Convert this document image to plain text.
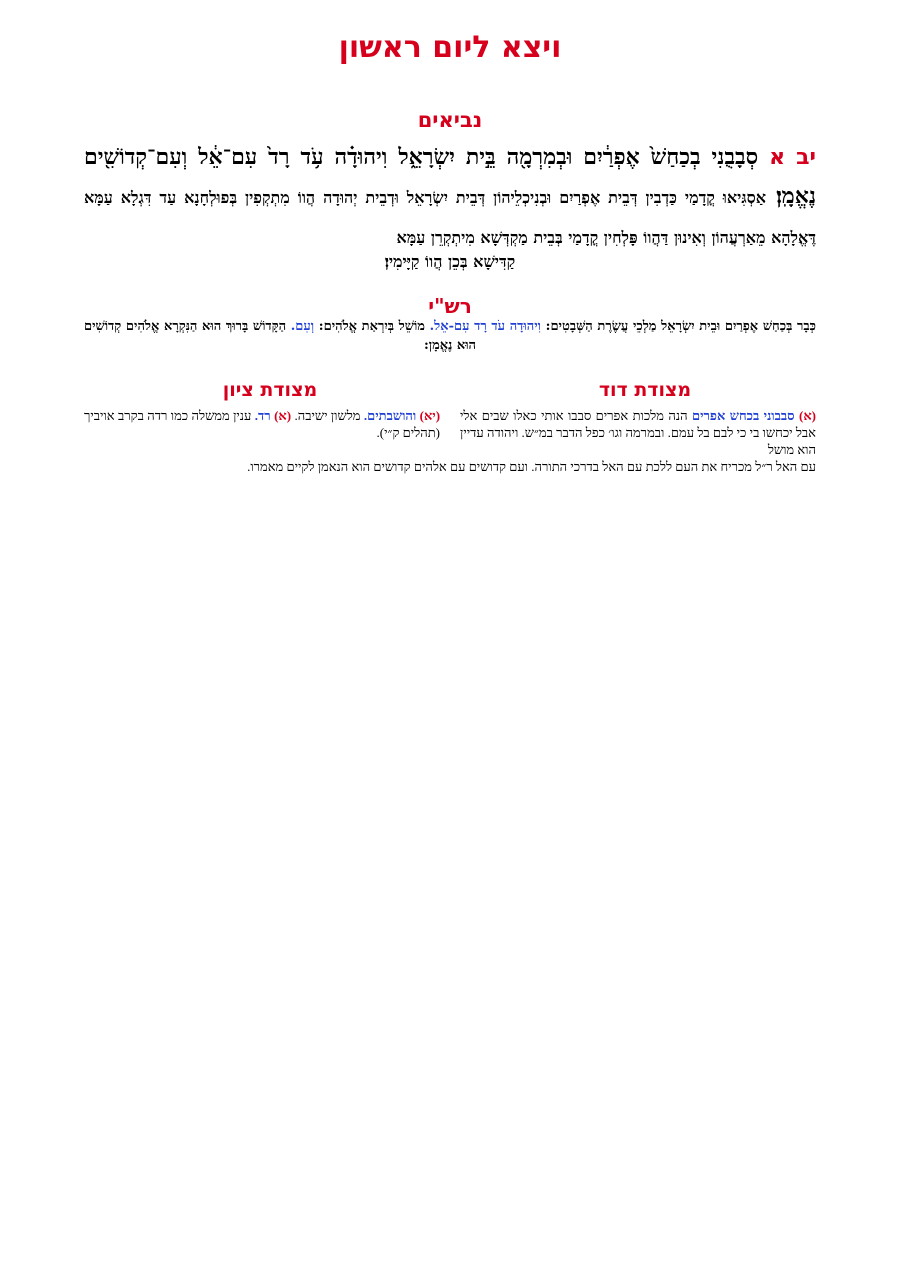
ויצא ליום ראשון
נביאים
יב א סְבָבֻנִי בְכַחַשׁ֙ אֶפְרַ֔יִם וּבְמִרְמָ֖ה בֵּ֣ית יִשְׂרָאֵ֑ל וִיהוּדָ֗ה עֹ֥ד רָד֙ עִם־אֵ֔ל וְעִם־קְדוֹשִׁ֖ים נֶאֱמָֽן׃ אַסְגִּיאוּ קֳדָמַי כַּדְבִין דְּבֵית אֶפְרַיִם וּבְנִיכְלֵיהוֹן דְּבֵית יִשְׂרָאֵל וּדְבֵית יְהוּדָה הֲווֹ מִתְקְפִין בְּפוּלְחָנָא עַד דִּגְלָא עַמָּא דֶּאֱלָהָא מֵאַרְעֲהוֹן וְאִינוּן דַּהֲווֹ פָּלְחִין קֳדָמַי בְּבֵית מַקְדְּשָׁא מִיתְקְרֵן עַמָּא
קַדִּישָׁא בְּכֵן הֲווֹ קַיָּימִין׃
רש"י
כְּבָר בְּכַחַשׁ אֶפְרַיִם וּבֵית יִשְׂרָאֵל מַלְכֵי עֲשֶׂרֶת הַשְּׁבָטִים: וִיהוּדָה עֹד רָד עִם-אֵל. מוֹשֵׁל בְּיִרְאַת אֱלֹהִים: וְעִם. הַקָּדוֹשׁ בָּרוּךְ הוּא הַנִּקְרָא אֱלֹהִים קְדוֹשִׁים הוּא נֶאֱמָן:
מצודת דוד
מצודת ציון
(א) סבבוני בכחש אפרים הנה מלכות אפרים סבבו אותי כאלו שבים אלי אבל יכחשו בי כי לבם בל עמם. ובמרמה וגו׳ כפל הדבר במ״ש. ויהודה עדיין הוא מושל
(יא) והושבתים. מלשון ישיבה. (א) רד. ענין ממשלה כמו רדה בקרב אויביך (תהלים ק״י).
עם האל ר״ל מכריח את העם ללכת עם האל בדרכי התורה. ועם קדושים עם אלהים קדושים הוא הנאמן לקיים מאמרו.
